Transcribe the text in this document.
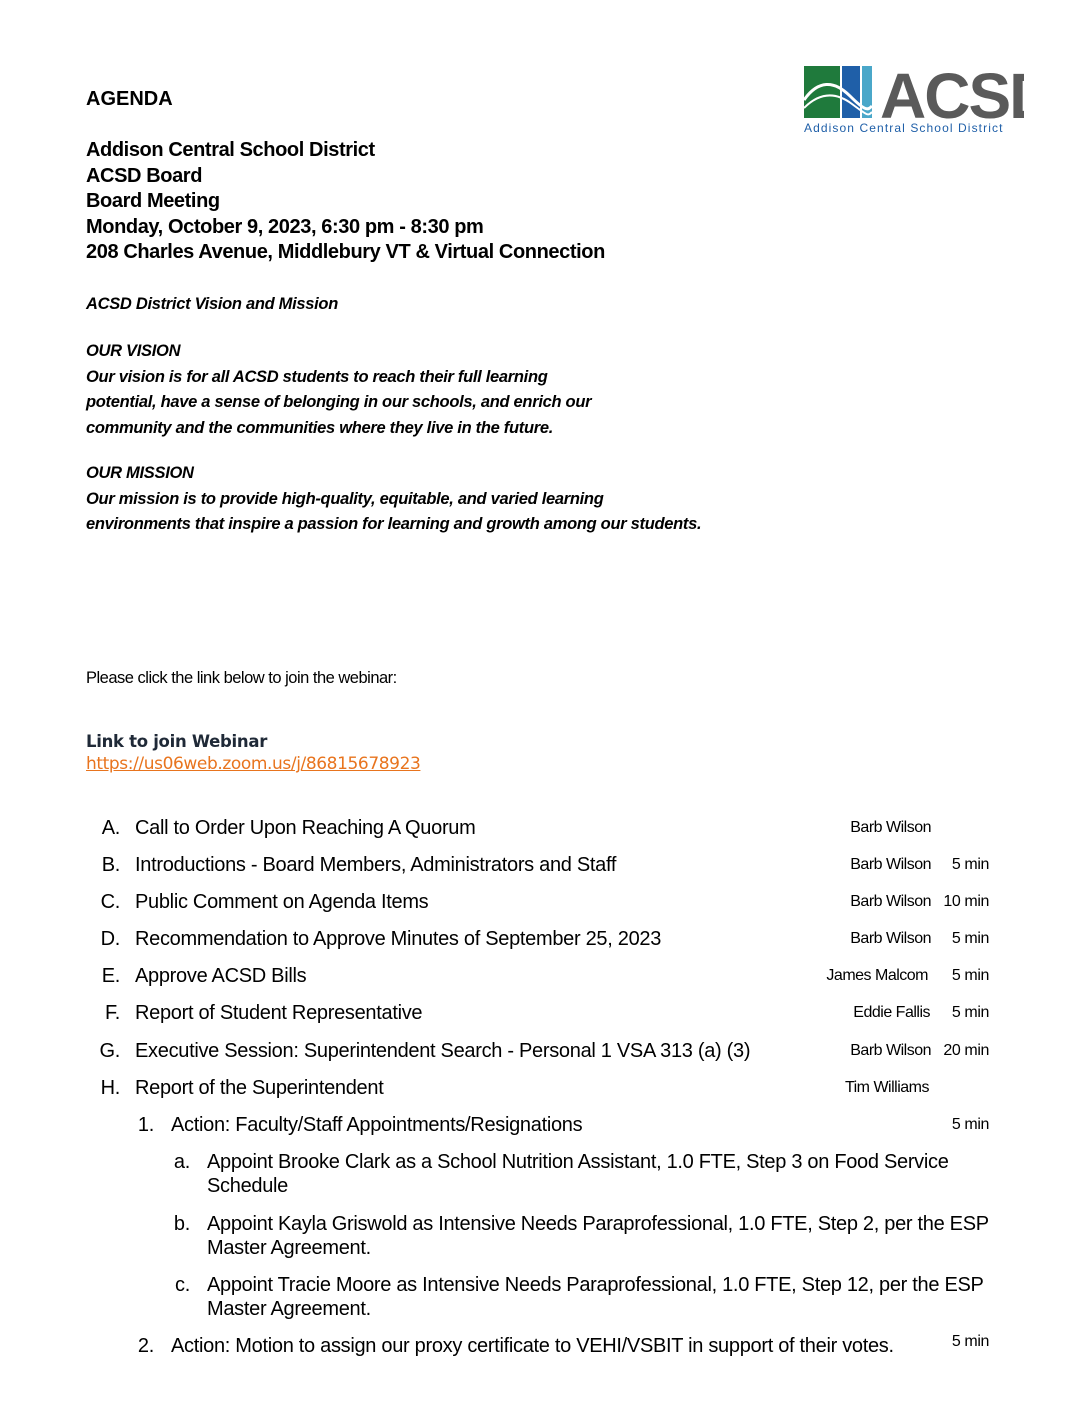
AGENDA	ACS
Addison Central School District
Addison Central School District
ACSD Board
Board Meeting
Monday, October 9, 2023, 6:30 pm - 8:30 pm
208 Charles Avenue, Middlebury VT & Virtual Connection
ACSD District Vision and Mission
OUR VISION
Our vision is for all ACSD students to reach their full learning
potential, have a sense of belonging in our schools, and enrich our
community and the communities where they live in the future.
OUR MISSION
Our mission is to provide high-quality, equitable, and varied learning
environments that inspire a passion for learning and growth among our students.
Please click the link below to join the webinar:
Link to join Webinar
https://us06web.zoom.us/j/86815678923
A. Call to Order Upon Reaching A Quorum	Barb Wilson
B. Introductions - Board Members, Administrators and Staff	Barb Wilson 5 min
C. Public Comment on Agenda Items	Barb Wilson 10 min
D. Recommendation to Approve Minutes of September 25, 2023	Barb Wilson 5 min
E. Approve ACSD Bills	James Malcom 5 min
F. Report of Student Representative	Eddie Fallis 5 min
G. Executive Session: Superintendent Search - Personal 1 VSA 313 (a) (3)	Barb Wilson 20 min
H. Report of the Superintendent	Tim Williams
1. Action: Faculty/Staff Appointments/Resignations	5 min
a. Appoint Brooke Clark as a School Nutrition Assistant, 1.0 FTE, Step 3 on Food Service Schedule
b. Appoint Kayla Griswold as Intensive Needs Paraprofessional, 1.0 FTE, Step 2, per the ESP Master Agreement.
c. Appoint Tracie Moore as Intensive Needs Paraprofessional, 1.0 FTE, Step 12, per the ESP Master Agreement.
2. Action: Motion to assign our proxy certificate to VEHI/VSBIT in support of their votes.	5 min
